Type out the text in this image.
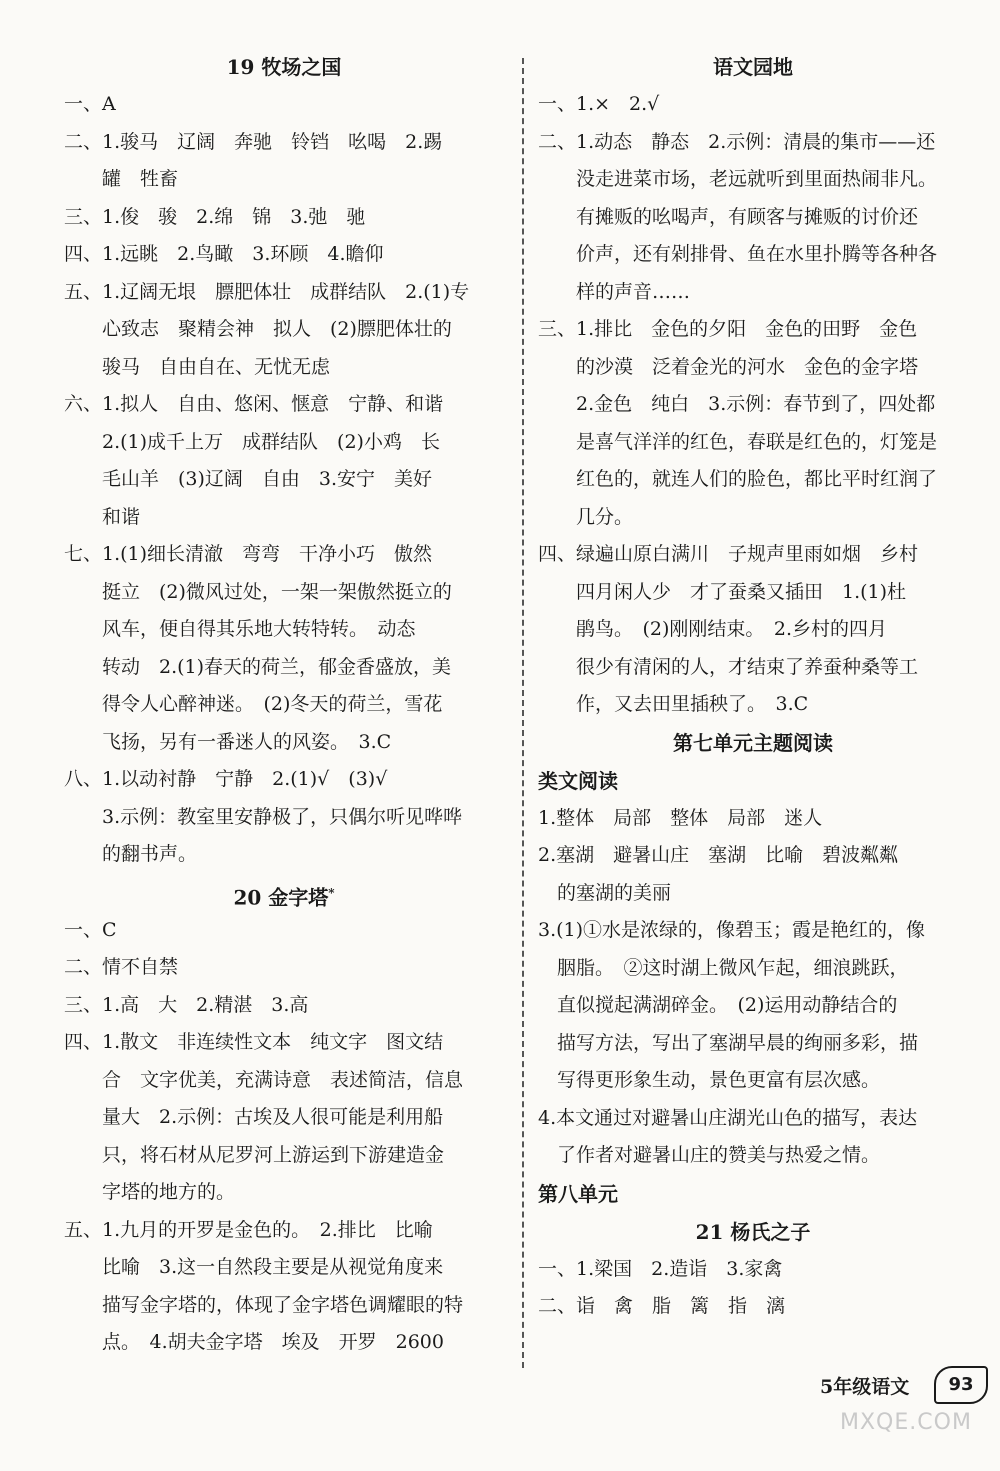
19 牧场之国
一、A
二、1.骏马　辽阔　奔驰　铃铛　吆喝　2.踢
　　罐　牲畜
三、1.俊　骏　2.绵　锦　3.弛　驰
四、1.远眺　2.鸟瞰　3.环顾　4.瞻仰
五、1.辽阔无垠　膘肥体壮　成群结队　2.(1)专
　　心致志　聚精会神　拟人　(2)膘肥体壮的
　　骏马　自由自在、无忧无虑
六、1.拟人　自由、悠闲、惬意　宁静、和谐
　　2.(1)成千上万　成群结队　(2)小鸡　长
　　毛山羊　(3)辽阔　自由　3.安宁　美好
　　和谐
七、1.(1)细长清澈　弯弯　干净小巧　傲然
　　挺立　(2)微风过处，一架一架傲然挺立的
　　风车，便自得其乐地大转特转。　动态
　　转动　2.(1)春天的荷兰，郁金香盛放，美
　　得令人心醉神迷。　(2)冬天的荷兰，雪花
　　飞扬，另有一番迷人的风姿。　3.C
八、1.以动衬静　宁静　2.(1)√　(3)√
　　3.示例：教室里安静极了，只偶尔听见哗哗
　　的翻书声。
20 金字塔*
一、C
二、情不自禁
三、1.高　大　2.精湛　3.高
四、1.散文　非连续性文本　纯文字　图文结
　　合　文字优美，充满诗意　表述简洁，信息
　　量大　2.示例：古埃及人很可能是利用船
　　只，将石材从尼罗河上游运到下游建造金
　　字塔的地方的。
五、1.九月的开罗是金色的。　2.排比　比喻
　　比喻　3.这一自然段主要是从视觉角度来
　　描写金字塔的，体现了金字塔色调耀眼的特
　　点。　4.胡夫金字塔　埃及　开罗　2600
语文园地
一、1.×　2.√
二、1.动态　静态　2.示例：清晨的集市——还
　　没走进菜市场，老远就听到里面热闹非凡。
　　有摊贩的吆喝声，有顾客与摊贩的讨价还
　　价声，还有剁排骨、鱼在水里扑腾等各种各
　　样的声音……
三、1.排比　金色的夕阳　金色的田野　金色
　　的沙漠　泛着金光的河水　金色的金字塔
　　2.金色　纯白　3.示例：春节到了，四处都
　　是喜气洋洋的红色，春联是红色的，灯笼是
　　红色的，就连人们的脸色，都比平时红润了
　　几分。
四、绿遍山原白满川　子规声里雨如烟　乡村
　　四月闲人少　才了蚕桑又插田　1.(1)杜
　　鹃鸟。　(2)刚刚结束。　2.乡村的四月
　　很少有清闲的人，才结束了养蚕种桑等工
　　作，又去田里插秧了。　3.C
第七单元主题阅读
类文阅读
1.整体　局部　整体　局部　迷人
2.塞湖　避暑山庄　塞湖　比喻　碧波粼粼
　的塞湖的美丽
3.(1)①水是浓绿的，像碧玉；霞是艳红的，像
　胭脂。　②这时湖上微风乍起，细浪跳跃，
　直似搅起满湖碎金。　(2)运用动静结合的
　描写方法，写出了塞湖早晨的绚丽多彩，描
　写得更形象生动，景色更富有层次感。
4.本文通过对避暑山庄湖光山色的描写，表达
　了作者对避暑山庄的赞美与热爱之情。
第八单元
21 杨氏之子
一、1.梁国　2.造诣　3.家禽
二、诣　禽　脂　篱　指　漓
5年级语文	93
MXQE.COM
